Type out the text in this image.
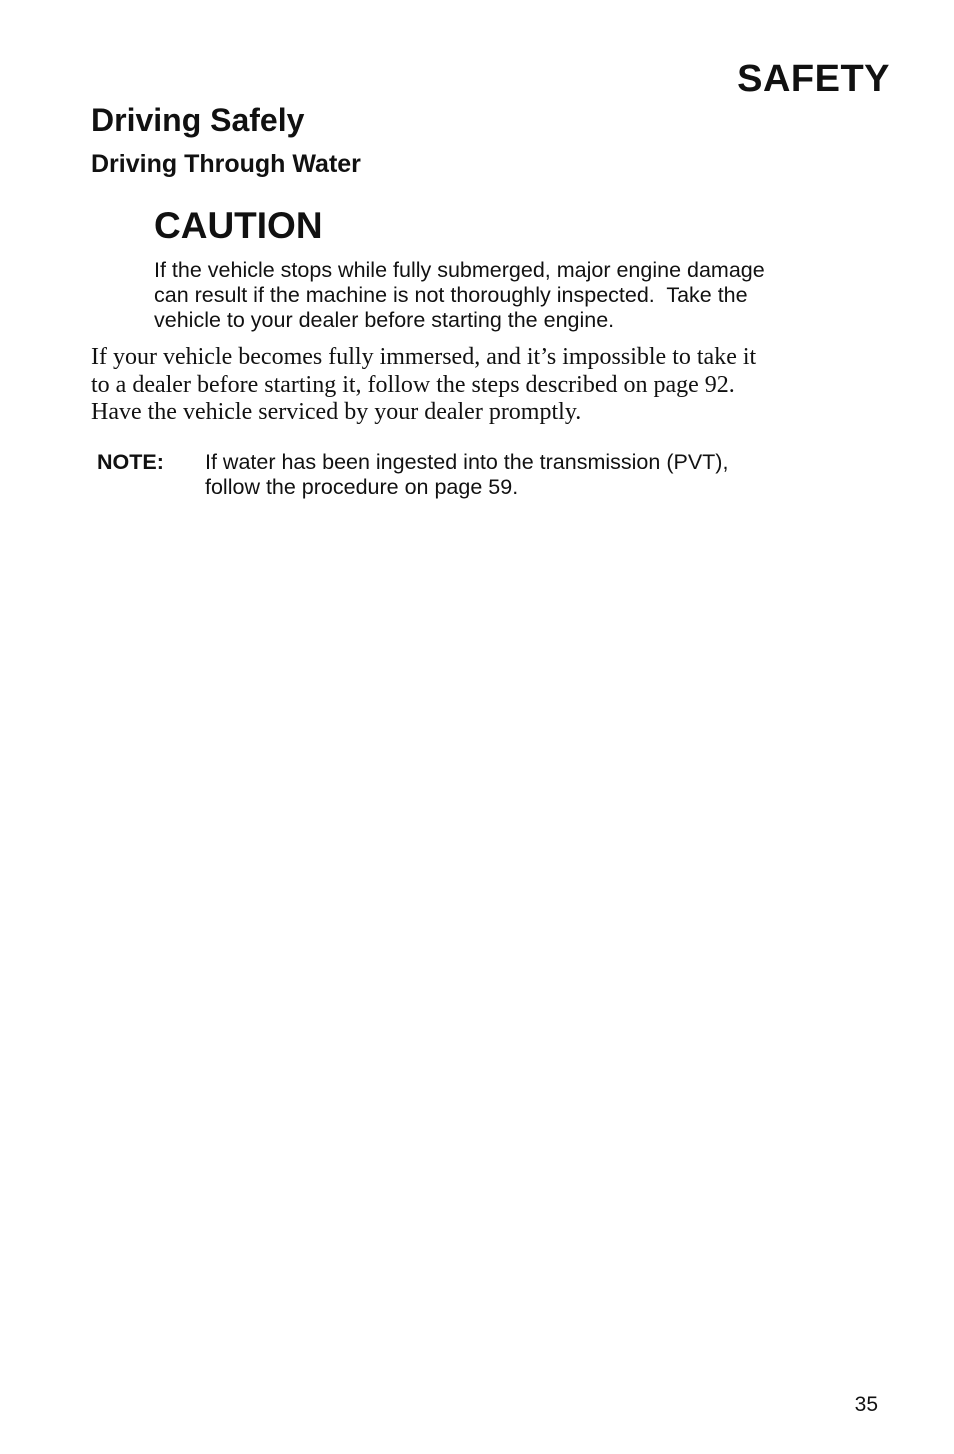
SAFETY
Driving Safely
Driving Through Water
CAUTION
If the vehicle stops while fully submerged, major engine damage
can result if the machine is not thoroughly inspected.  Take the
vehicle to your dealer before starting the engine.
If your vehicle becomes fully immersed, and it’s impossible to take it
to a dealer before starting it, follow the steps described on page 92.
Have the vehicle serviced by your dealer promptly.
NOTE:	If water has been ingested into the transmission (PVT),
follow the procedure on page 59.
35
